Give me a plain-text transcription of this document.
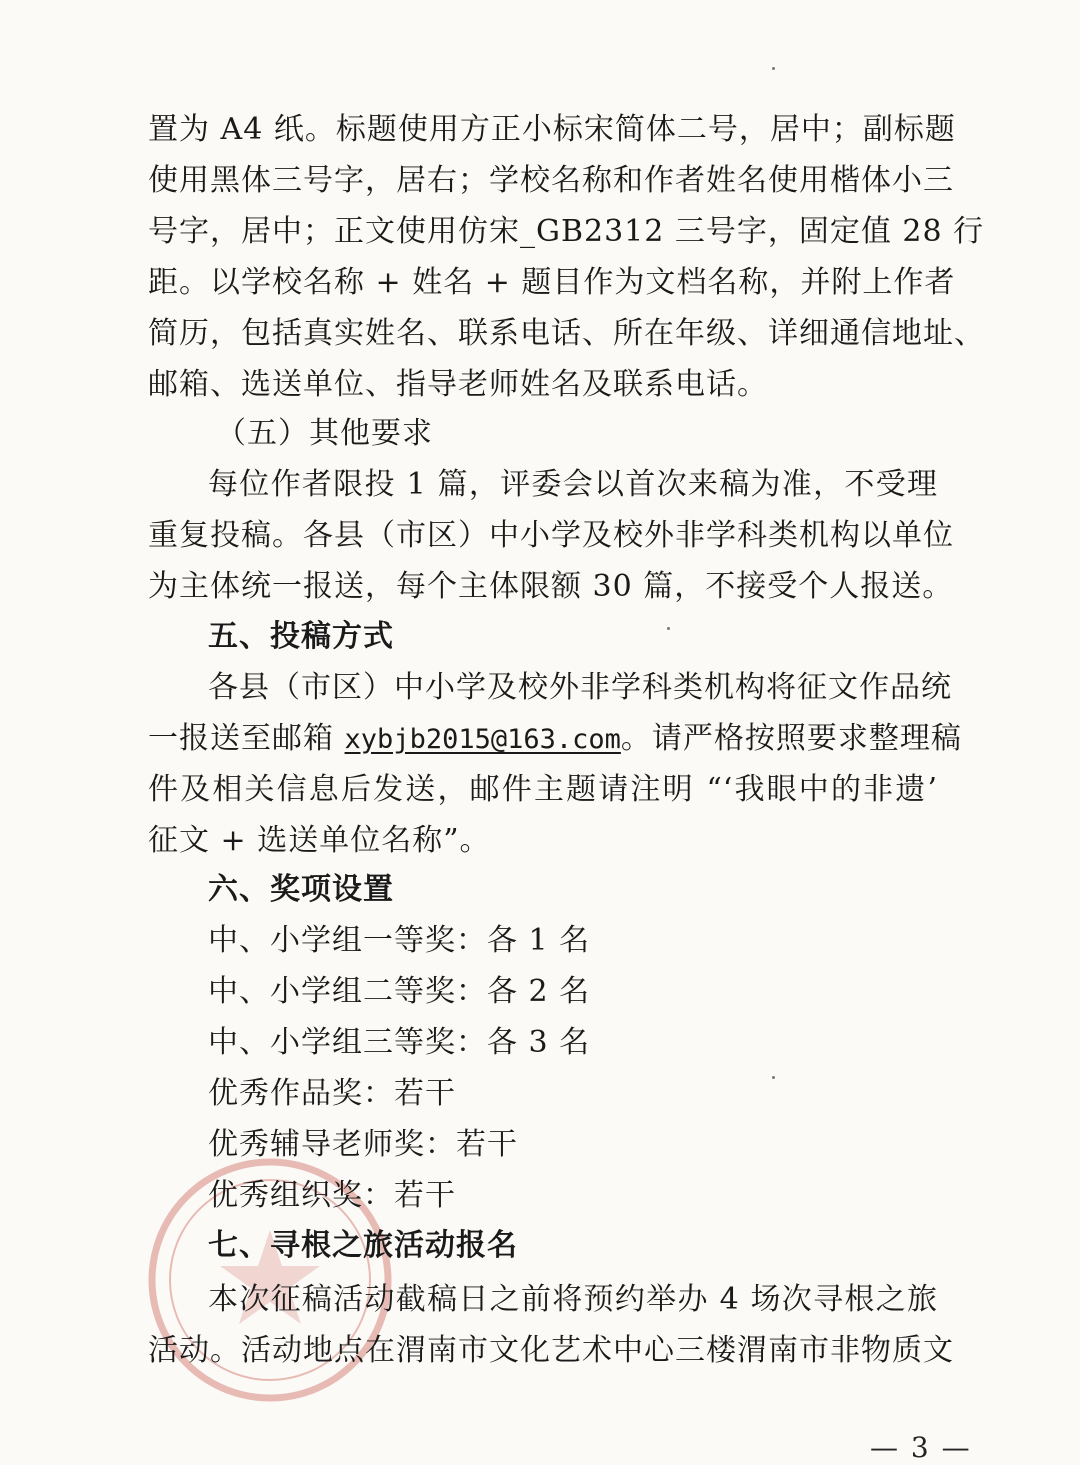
置为 A4 纸。标题使用方正小标宋简体二号，居中；副标题
使用黑体三号字，居右；学校名称和作者姓名使用楷体小三
号字，居中；正文使用仿宋_GB2312 三号字，固定值 28 行
距。以学校名称 + 姓名 + 题目作为文档名称，并附上作者
简历，包括真实姓名、联系电话、所在年级、详细通信地址、
邮箱、选送单位、指导老师姓名及联系电话。
（五）其他要求
每位作者限投 1 篇，评委会以首次来稿为准，不受理
重复投稿。各县（市区）中小学及校外非学科类机构以单位
为主体统一报送，每个主体限额 30 篇，不接受个人报送。
五、投稿方式
各县（市区）中小学及校外非学科类机构将征文作品统
一报送至邮箱 xybjb2015@163.com。请严格按照要求整理稿
件及相关信息后发送，邮件主题请注明 “‘我眼中的非遗’
征文 + 选送单位名称”。
六、奖项设置
中、小学组一等奖：各 1 名
中、小学组二等奖：各 2 名
中、小学组三等奖：各 3 名
优秀作品奖：若干
优秀辅导老师奖：若干
优秀组织奖：若干
七、寻根之旅活动报名
本次征稿活动截稿日之前将预约举办 4 场次寻根之旅
活动。活动地点在渭南市文化艺术中心三楼渭南市非物质文
— 3 —
